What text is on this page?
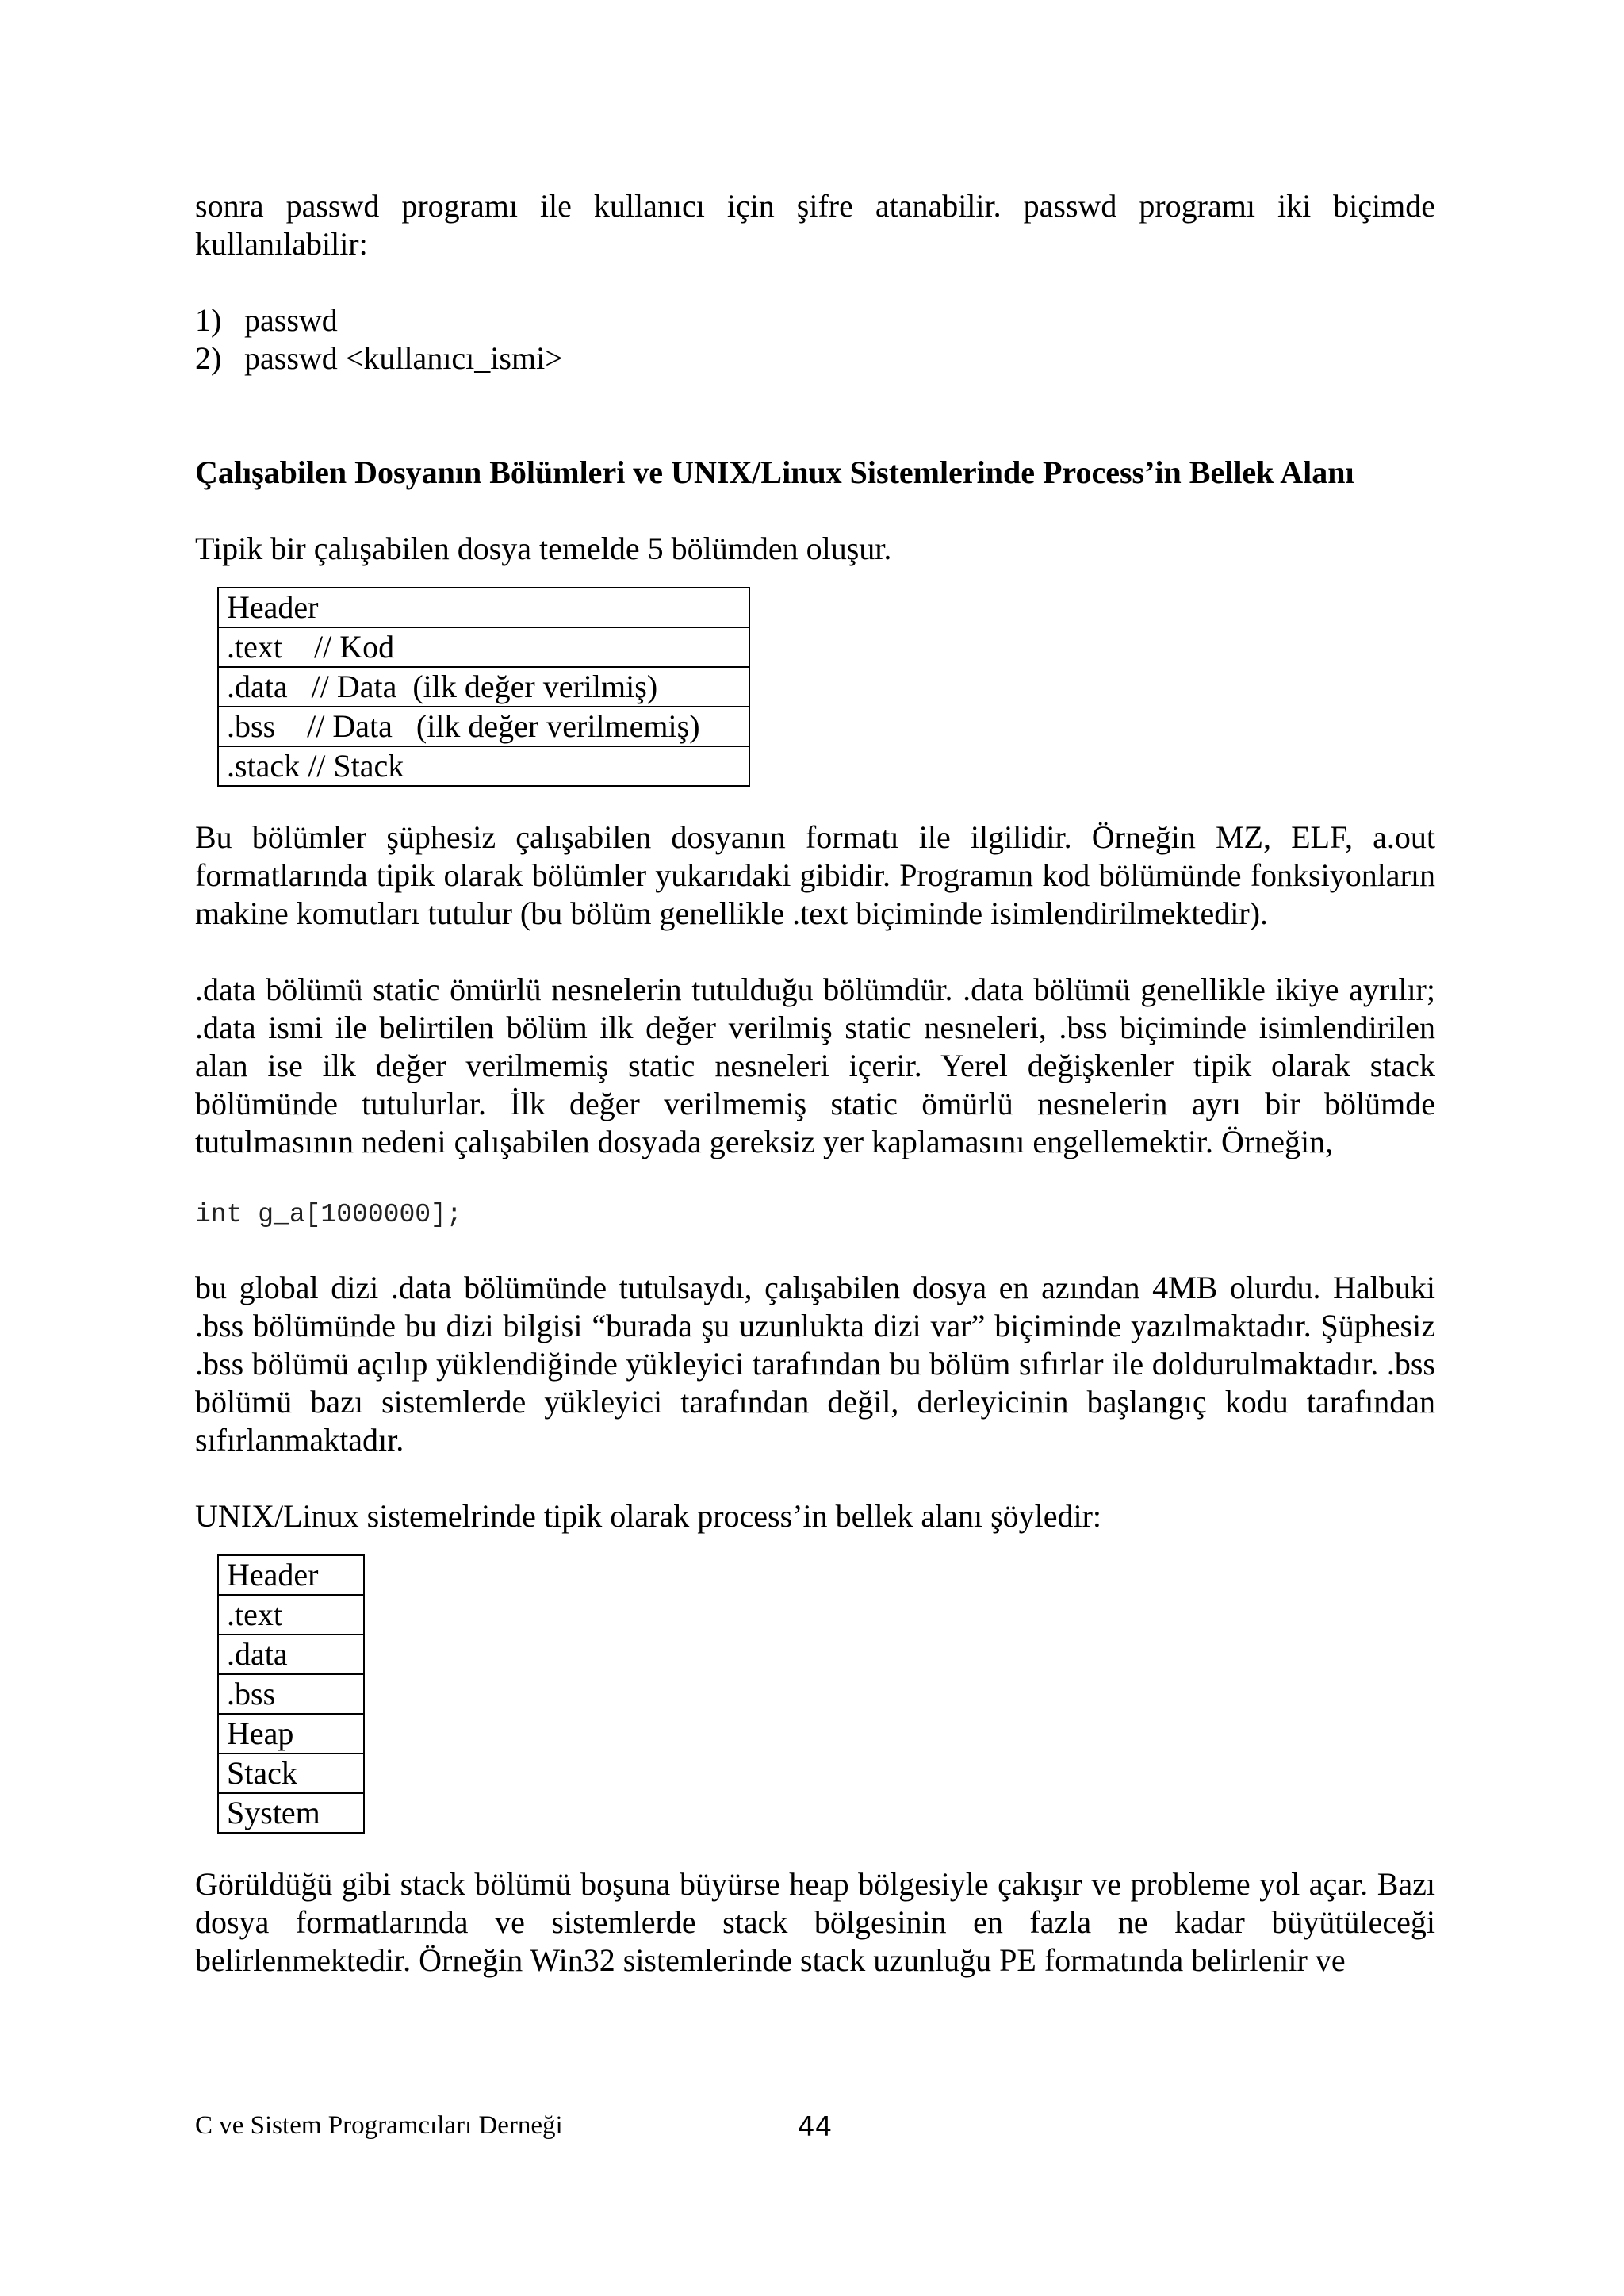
sonra passwd programı ile kullanıcı için şifre atanabilir. passwd programı iki biçimde kullanılabilir:

1) passwd
2) passwd <kullanıcı_ismi>
Çalışabilen Dosyanın Bölümleri ve UNIX/Linux Sistemlerinde Process’in Bellek Alanı

Tipik bir çalışabilen dosya temelde 5 bölümden oluşur.

Header
.text    // Kod
.data   // Data  (ilk değer verilmiş)
.bss    // Data   (ilk değer verilmemiş)
.stack // Stack

Bu bölümler şüphesiz çalışabilen dosyanın formatı ile ilgilidir. Örneğin MZ, ELF, a.out formatlarında tipik olarak bölümler yukarıdaki gibidir. Programın kod bölümünde fonksiyonların makine komutları tutulur (bu bölüm genellikle .text biçiminde isimlendirilmektedir).

.data bölümü static ömürlü nesnelerin tutulduğu bölümdür. .data bölümü genellikle ikiye ayrılır; .data ismi ile belirtilen bölüm ilk değer verilmiş static nesneleri, .bss biçiminde isimlendirilen alan ise ilk değer verilmemiş static nesneleri içerir. Yerel değişkenler tipik olarak stack bölümünde tutulurlar. İlk değer verilmemiş static ömürlü nesnelerin ayrı bir bölümde tutulmasının nedeni çalışabilen dosyada gereksiz yer kaplamasını engellemektir. Örneğin,

int g_a[1000000];

bu global dizi .data bölümünde tutulsaydı, çalışabilen dosya en azından 4MB olurdu. Halbuki .bss bölümünde bu dizi bilgisi “burada şu uzunlukta dizi var” biçiminde yazılmaktadır. Şüphesiz .bss bölümü açılıp yüklendiğinde yükleyici tarafından bu bölüm sıfırlar ile doldurulmaktadır. .bss bölümü bazı sistemlerde yükleyici tarafından değil, derleyicinin başlangıç kodu tarafından sıfırlanmaktadır.

UNIX/Linux sistemelrinde tipik olarak process’in bellek alanı şöyledir:

Header
.text
.data
.bss
Heap
Stack
System

Görüldüğü gibi stack bölümü boşuna büyürse heap bölgesiyle çakışır ve probleme yol açar. Bazı dosya formatlarında ve sistemlerde stack bölgesinin en fazla ne kadar büyütüleceği belirlenmektedir. Örneğin Win32 sistemlerinde stack uzunluğu PE formatında belirlenir ve

C ve Sistem Programcıları Derneği	44
